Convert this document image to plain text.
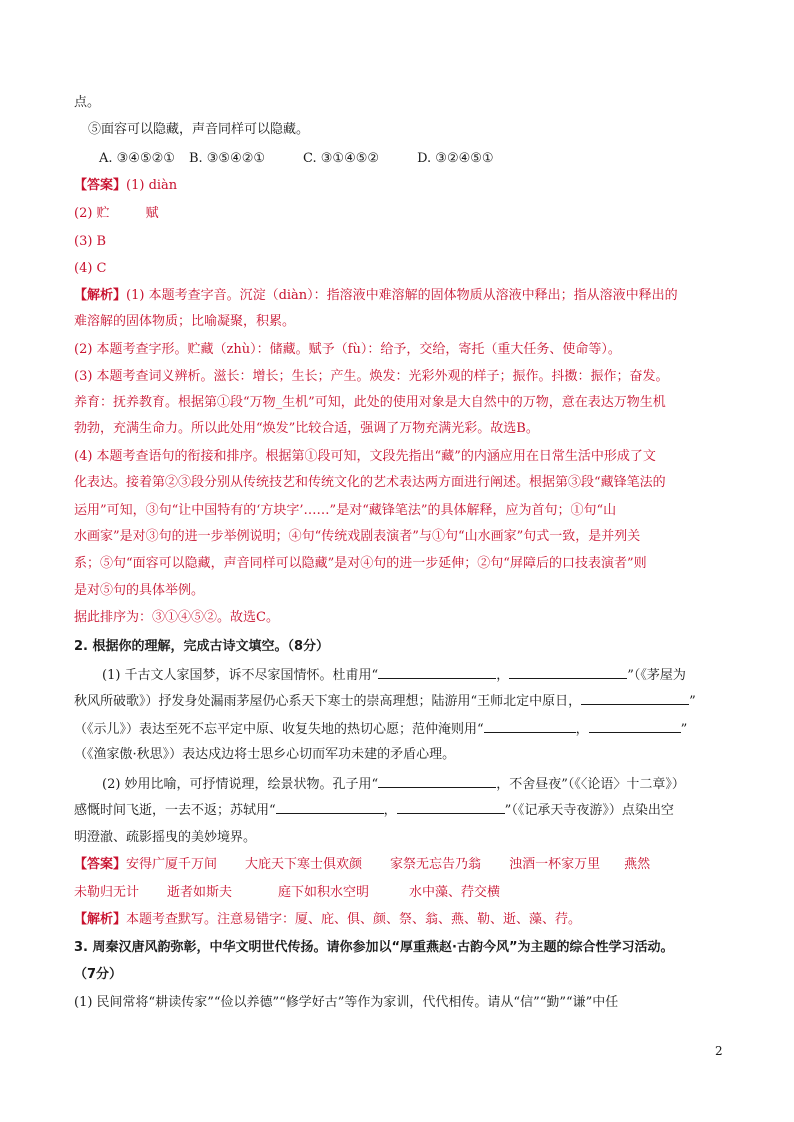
点。
⑤面容可以隐藏，声音同样可以隐藏。
A. ③④⑤②① B. ③⑤④②①	C. ③①④⑤②	D. ③②④⑤①
【答案】(1) diàn
(2) 贮	赋
(3) B
(4) C
【解析】(1) 本题考查字音。沉淀（diàn）：指溶液中难溶解的固体物质从溶液中释出；指从溶液中释出的
难溶解的固体物质；比喻凝聚，积累。
(2) 本题考查字形。贮藏（zhù）：储藏。赋予（fù）：给予，交给，寄托（重大任务、使命等）。
(3) 本题考查词义辨析。滋长：增长；生长；产生。焕发：光彩外观的样子；振作。抖擞：振作；奋发。
养育：抚养教育。根据第①段“万物_生机”可知，此处的使用对象是大自然中的万物，意在表达万物生机
勃勃，充满生命力。所以此处用“焕发”比较合适，强调了万物充满光彩。故选B。
(4) 本题考查语句的衔接和排序。根据第①段可知，文段先指出“藏”的内涵应用在日常生活中形成了文
化表达。接着第②③段分别从传统技艺和传统文化的艺术表达两方面进行阐述。根据第③段“藏锋笔法的
运用”可知，③句“让中国特有的‘方块字’……”是对“藏锋笔法”的具体解释，应为首句；①句“山
水画家”是对③句的进一步举例说明；④句“传统戏剧表演者”与①句“山水画家”句式一致，是并列关
系；⑤句“面容可以隐藏，声音同样可以隐藏”是对④句的进一步延伸；②句“屏障后的口技表演者”则
是对⑤句的具体举例。
据此排序为：③①④⑤②。故选C。
2. 根据你的理解，完成古诗文填空。（8分）
(1) 千古文人家国梦，诉不尽家国情怀。杜甫用“	，	”（《茅屋为
秋风所破歌》）抒发身处漏雨茅屋仍心系天下寒士的崇高理想；陆游用“王师北定中原日，	”
（《示儿》）表达至死不忘平定中原、收复失地的热切心愿；范仲淹则用“	，	”
（《渔家傲·秋思》）表达戍边将士思乡心切而军功未建的矛盾心理。
(2) 妙用比喻，可抒情说理，绘景状物。孔子用“	，不舍昼夜”（《〈论语〉十二章》）
感慨时间飞逝，一去不返；苏轼用“	，	”（《记承天寺夜游》）点染出空
明澄澈、疏影摇曳的美妙境界。
【答案】安得广厦千万间 大庇天下寒士俱欢颜 家祭无忘告乃翁 浊酒一杯家万里 燕然
未勒归无计 逝者如斯夫	庭下如积水空明	水中藻、荇交横
【解析】本题考查默写。注意易错字：厦、庇、俱、颜、祭、翁、燕、勒、逝、藻、荇。
3. 周秦汉唐风韵弥彰，中华文明世代传扬。请你参加以“厚重燕赵·古韵今风”为主题的综合性学习活动。
（7分）
(1) 民间常将“耕读传家”“俭以养德”“修学好古”等作为家训，代代相传。请从“信”“勤”“谦”中任
2
